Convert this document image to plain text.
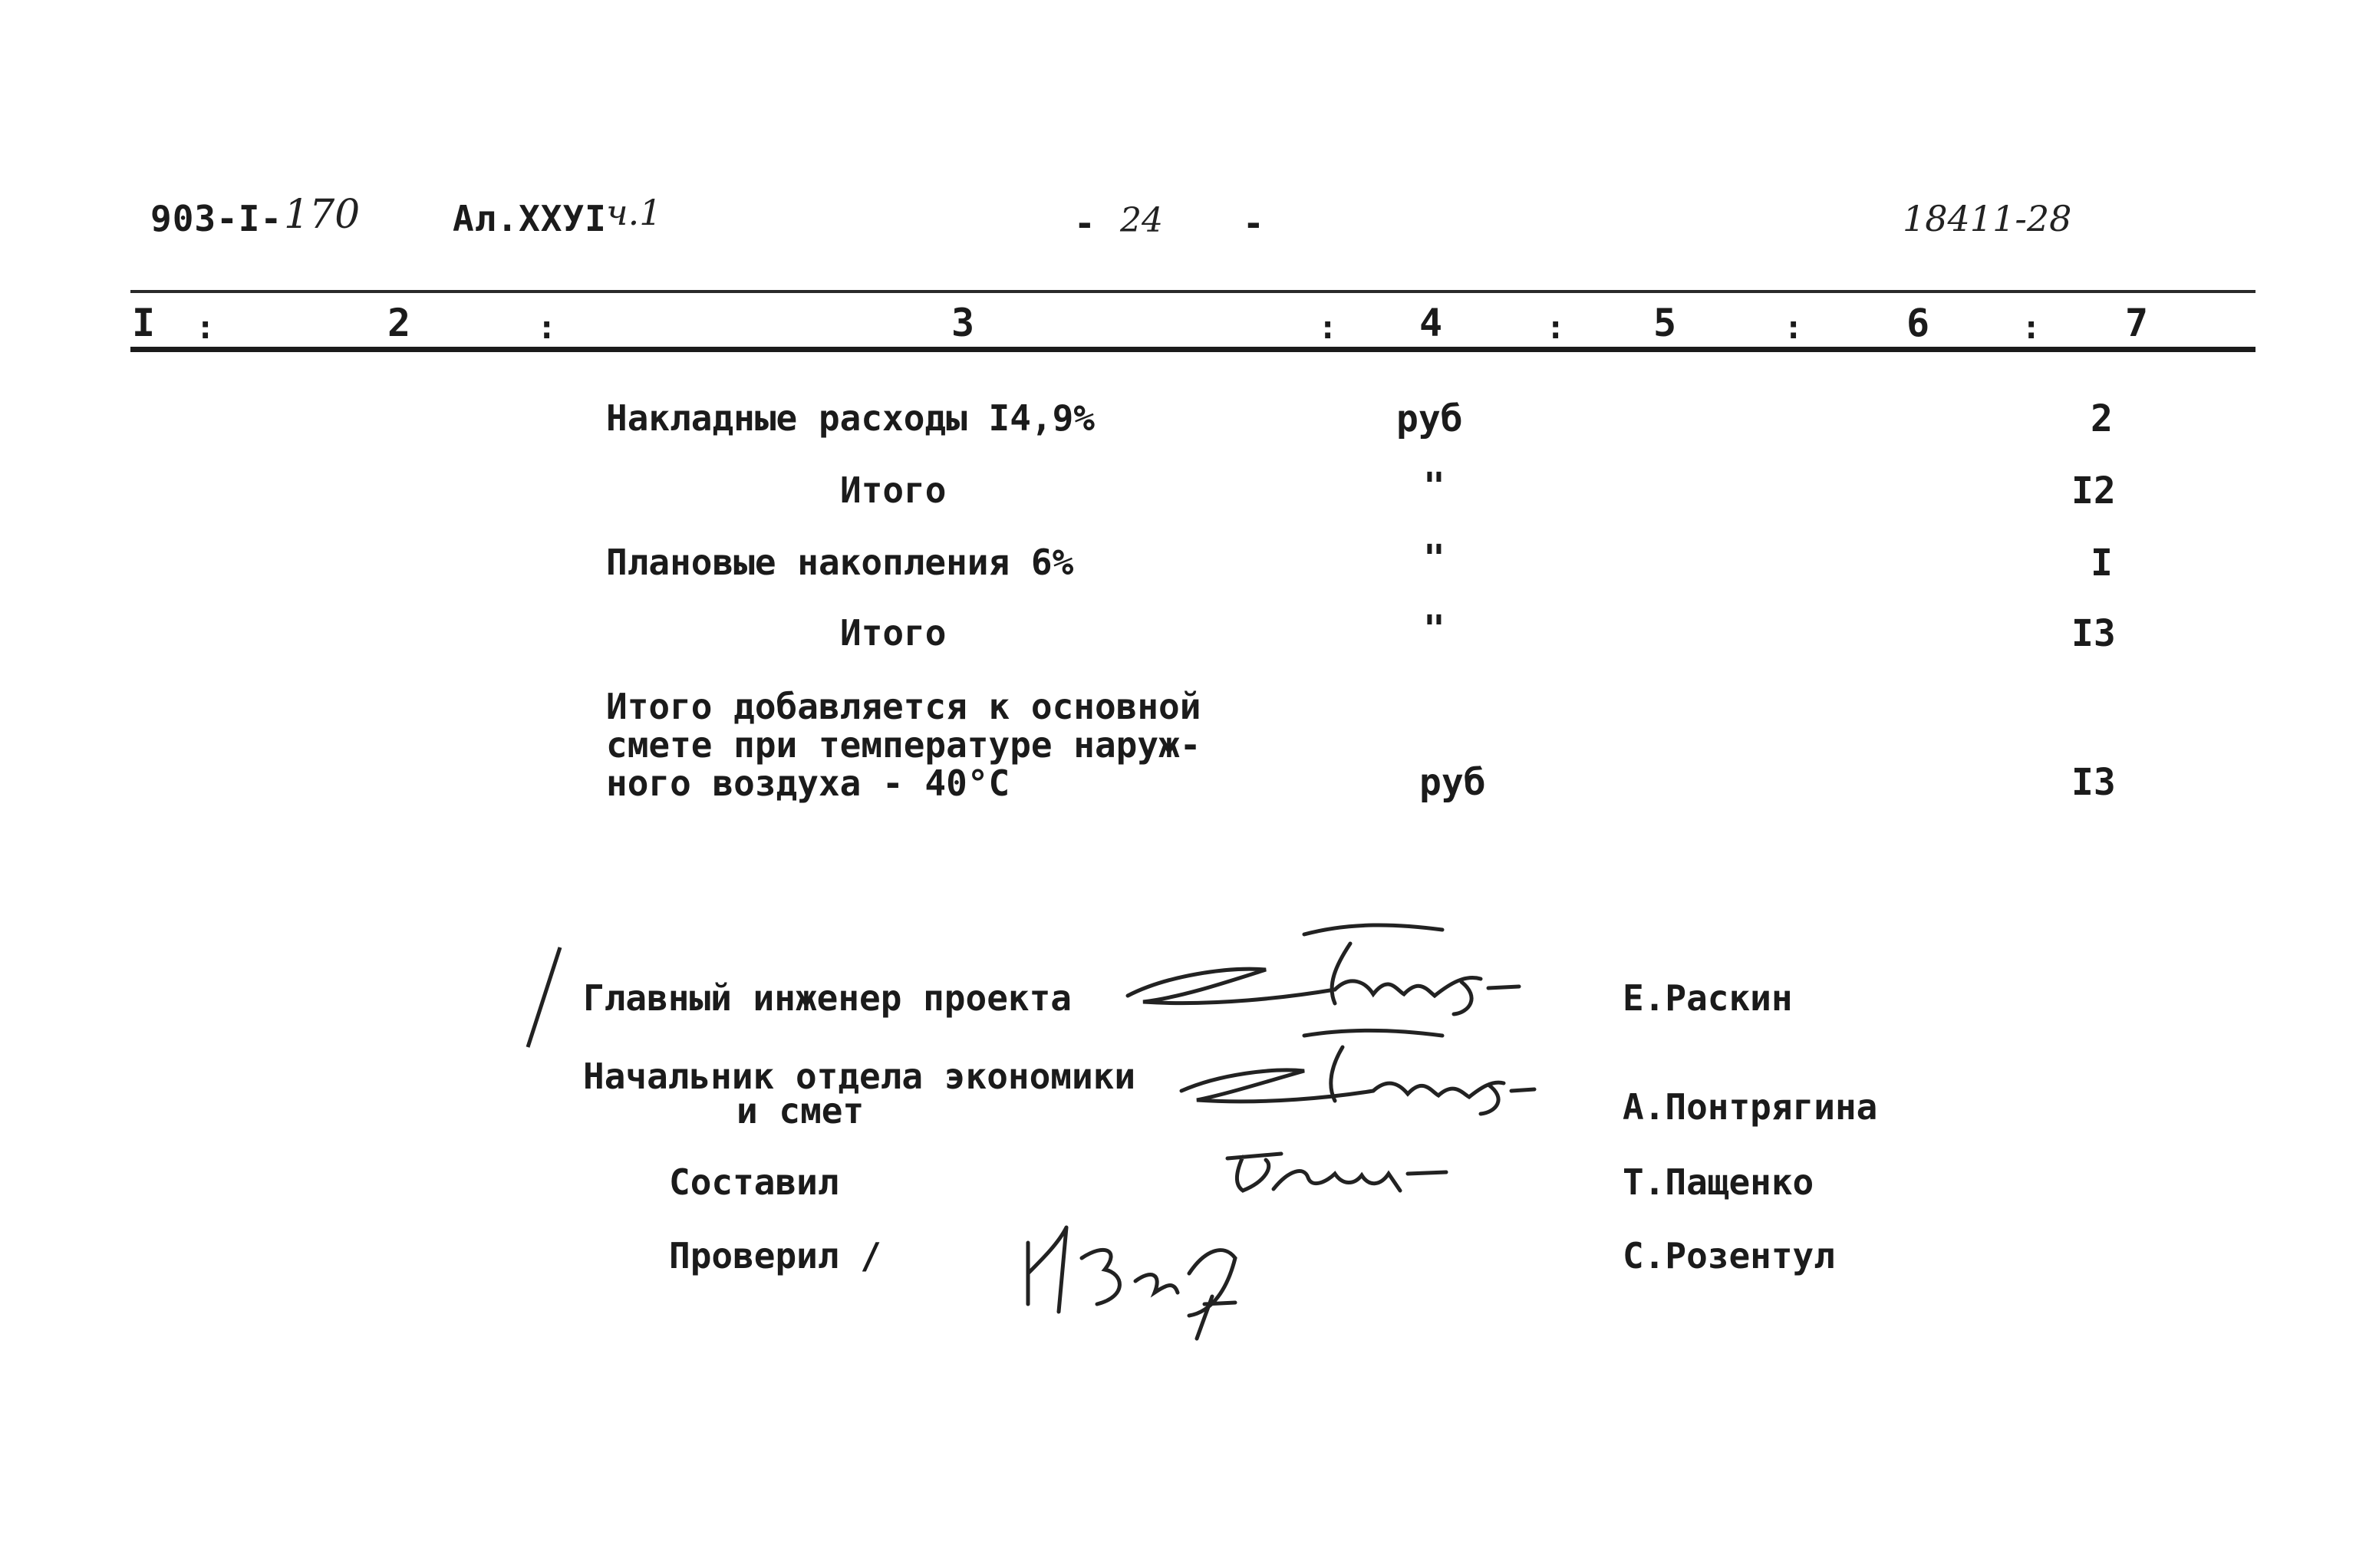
903-I- 170	Ал.XXУI ч.1	- 24 -	18411-28
I :	2	:	3	: 4	: 5	:	6	: 7
Накладные расходы I4,9%	руб	2
Итого	"	I2
Плановые накопления 6%	"	I
Итого	"	I3
Итого добавляется к основной
смете при температуре наруж-
ного воздуха - 40°С	руб	I3
Главный инженер проекта	Е.Раскин
Начальник отдела экономики
и смет	А.Понтрягина
Составил	Т.Пащенко
Проверил /	С.Розентул
